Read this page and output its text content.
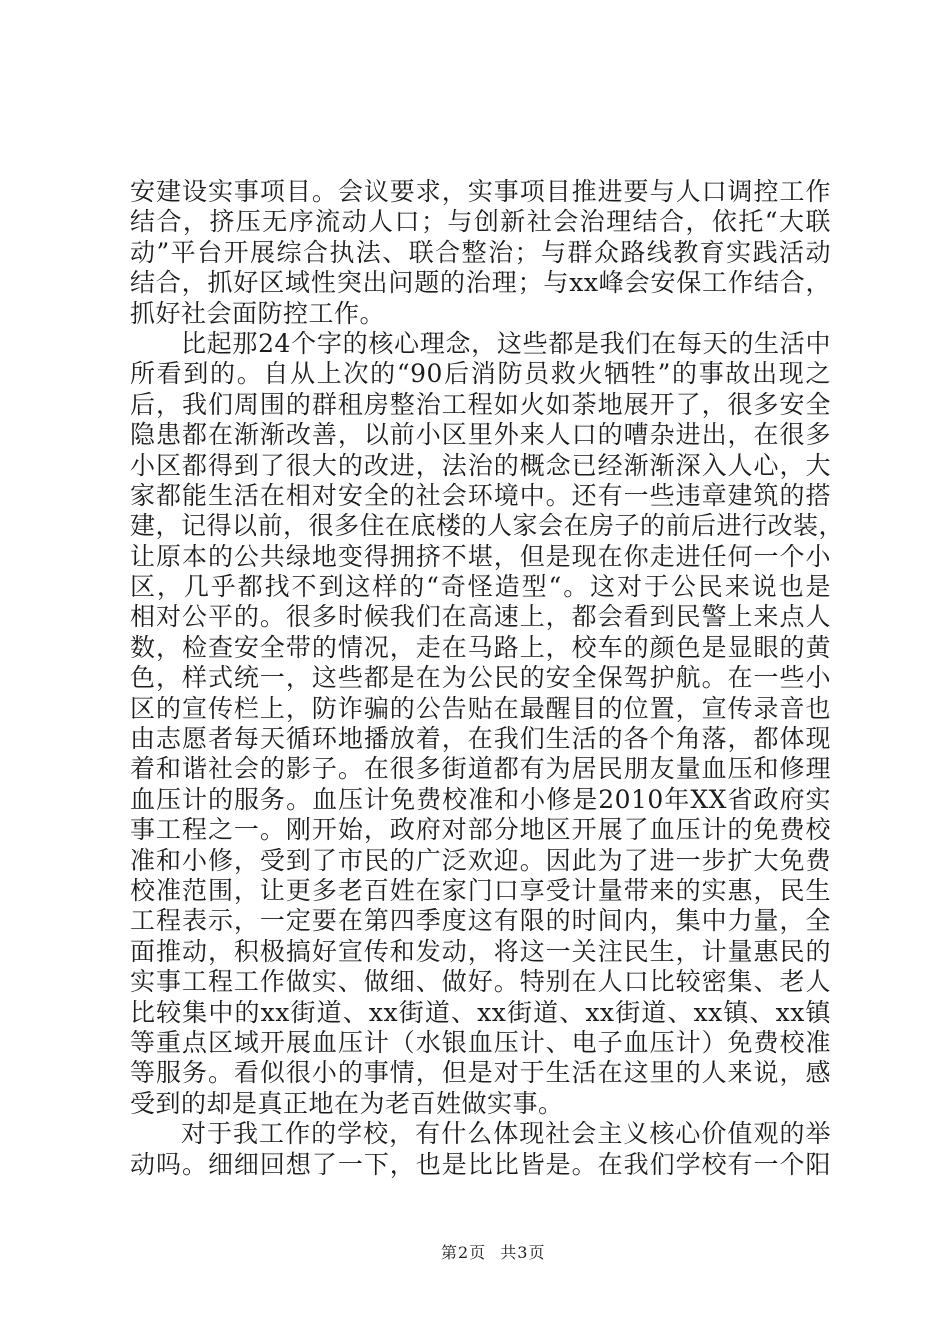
安建设实事项目。会议要求，实事项目推进要与人口调控工作
结合，挤压无序流动人口；与创新社会治理结合，依托“大联
动”平台开展综合执法、联合整治；与群众路线教育实践活动
结合，抓好区域性突出问题的治理；与xx峰会安保工作结合，
抓好社会面防控工作。
比起那24个字的核心理念，这些都是我们在每天的生活中
所看到的。自从上次的“90后消防员救火牺牲”的事故出现之
后，我们周围的群租房整治工程如火如荼地展开了，很多安全
隐患都在渐渐改善，以前小区里外来人口的嘈杂进出，在很多
小区都得到了很大的改进，法治的概念已经渐渐深入人心，大
家都能生活在相对安全的社会环境中。还有一些违章建筑的搭
建，记得以前，很多住在底楼的人家会在房子的前后进行改装，
让原本的公共绿地变得拥挤不堪，但是现在你走进任何一个小
区，几乎都找不到这样的“奇怪造型“。这对于公民来说也是
相对公平的。很多时候我们在高速上，都会看到民警上来点人
数，检查安全带的情况，走在马路上，校车的颜色是显眼的黄
色，样式统一，这些都是在为公民的安全保驾护航。在一些小
区的宣传栏上，防诈骗的公告贴在最醒目的位置，宣传录音也
由志愿者每天循环地播放着，在我们生活的各个角落，都体现
着和谐社会的影子。在很多街道都有为居民朋友量血压和修理
血压计的服务。血压计免费校准和小修是2010年XX省政府实
事工程之一。刚开始，政府对部分地区开展了血压计的免费校
准和小修，受到了市民的广泛欢迎。因此为了进一步扩大免费
校准范围，让更多老百姓在家门口享受计量带来的实惠，民生
工程表示，一定要在第四季度这有限的时间内，集中力量，全
面推动，积极搞好宣传和发动，将这一关注民生，计量惠民的
实事工程工作做实、做细、做好。特别在人口比较密集、老人
比较集中的xx街道、xx街道、xx街道、xx街道、xx镇、xx镇
等重点区域开展血压计（水银血压计、电子血压计）免费校准
等服务。看似很小的事情，但是对于生活在这里的人来说，感
受到的却是真正地在为老百姓做实事。
对于我工作的学校，有什么体现社会主义核心价值观的举
动吗。细细回想了一下，也是比比皆是。在我们学校有一个阳
第2页 共3页
